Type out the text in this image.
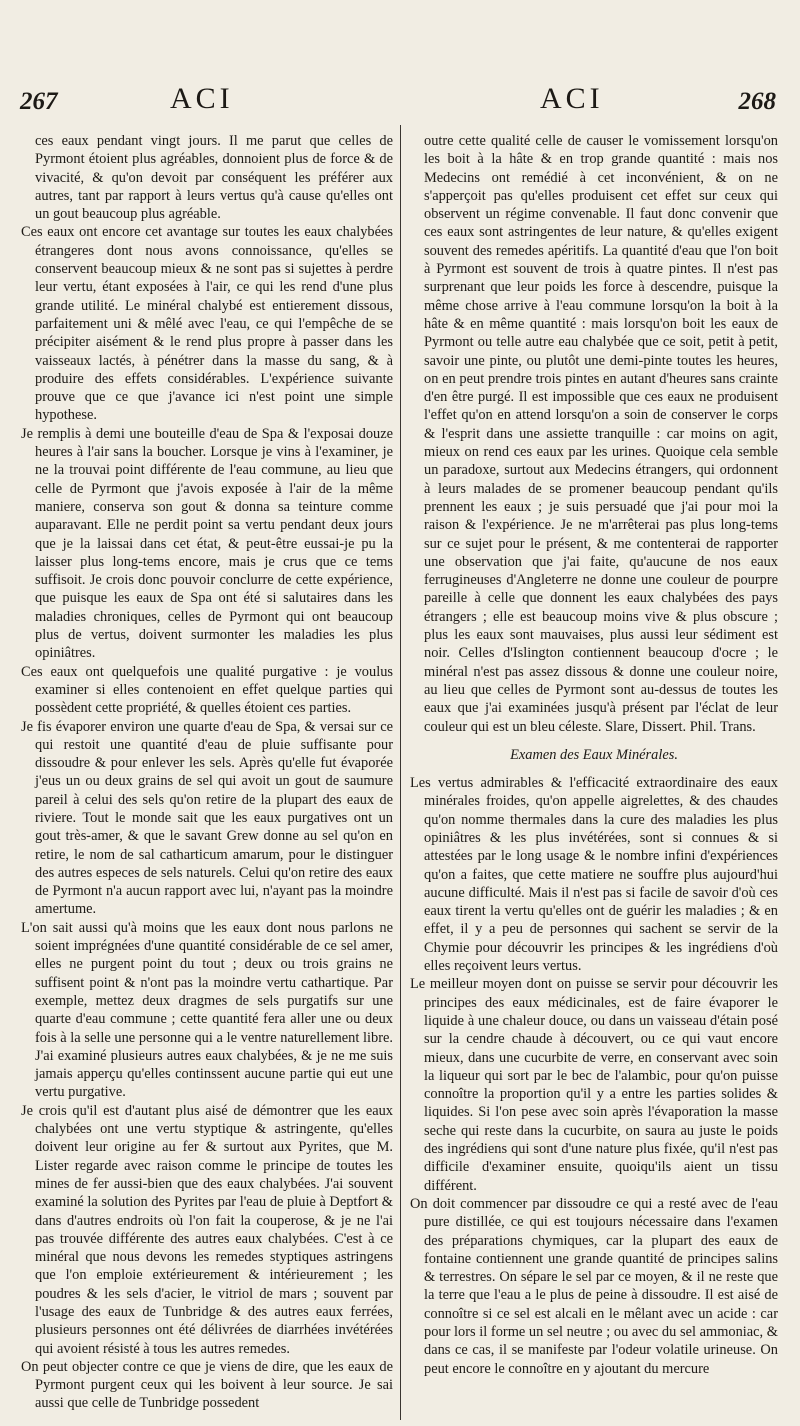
267	ACI	ACI	268

ces eaux pendant vingt jours. Il me parut que celles de Pyrmont étoient plus agréables, donnoient plus de force & de vivacité, & qu'on devoit par conséquent les préférer aux autres, tant par rapport à leurs vertus qu'à cause qu'elles ont un gout beaucoup plus agréable.

Ces eaux ont encore cet avantage sur toutes les eaux chalybées étrangeres dont nous avons connoissance, qu'elles se conservent beaucoup mieux & ne sont pas si sujettes à perdre leur vertu, étant exposées à l'air, ce qui les rend d'une plus grande utilité. Le minéral chalybé est entierement dissous, parfaitement uni & mêlé avec l'eau, ce qui l'empêche de se précipiter aisément & le rend plus propre à passer dans les vaisseaux lactés, à pénétrer dans la masse du sang, & à produire des effets considérables. L'expérience suivante prouve que ce que j'avance ici n'est point une simple hypothese.

Je remplis à demi une bouteille d'eau de Spa & l'exposai douze heures à l'air sans la boucher. Lorsque je vins à l'examiner, je ne la trouvai point différente de l'eau commune, au lieu que celle de Pyrmont que j'avois exposée à l'air de la même maniere, conserva son gout & donna sa teinture comme auparavant. Elle ne perdit point sa vertu pendant deux jours que je la laissai dans cet état, & peut-être eussai-je pu la laisser plus long-tems encore, mais je crus que ce tems suffisoit. Je crois donc pouvoir conclurre de cette expérience, que puisque les eaux de Spa ont été si salutaires dans les maladies chroniques, celles de Pyrmont qui ont beaucoup plus de vertus, doivent surmonter les maladies les plus opiniâtres.

Ces eaux ont quelquefois une qualité purgative : je voulus examiner si elles contenoient en effet quelque parties qui possèdent cette propriété, & quelles étoient ces parties.

Je fis évaporer environ une quarte d'eau de Spa, & versai sur ce qui restoit une quantité d'eau de pluie suffisante pour dissoudre & pour enlever les sels. Après qu'elle fut évaporée j'eus un ou deux grains de sel qui avoit un gout de saumure pareil à celui des sels qu'on retire de la plupart des eaux de riviere. Tout le monde sait que les eaux purgatives ont un gout très-amer, & que le savant Grew donne au sel qu'on en retire, le nom de sal catharticum amarum, pour le distinguer des autres especes de sels naturels. Celui qu'on retire des eaux de Pyrmont n'a aucun rapport avec lui, n'ayant pas la moindre amertume.

L'on sait aussi qu'à moins que les eaux dont nous parlons ne soient imprégnées d'une quantité considérable de ce sel amer, elles ne purgent point du tout ; deux ou trois grains ne suffisent point & n'ont pas la moindre vertu cathartique. Par exemple, mettez deux dragmes de sels purgatifs sur une quarte d'eau commune ; cette quantité fera aller une ou deux fois à la selle une personne qui a le ventre naturellement libre. J'ai examiné plusieurs autres eaux chalybées, & je ne me suis jamais apperçu qu'elles continssent aucune partie qui eut une vertu purgative.

Je crois qu'il est d'autant plus aisé de démontrer que les eaux chalybées ont une vertu styptique & astringente, qu'elles doivent leur origine au fer & surtout aux Pyrites, que M. Lister regarde avec raison comme le principe de toutes les mines de fer aussi-bien que des eaux chalybées. J'ai souvent examiné la solution des Pyrites par l'eau de pluie à Deptfort & dans d'autres endroits où l'on fait la couperose, & je ne l'ai pas trouvée différente des autres eaux chalybées. C'est à ce minéral que nous devons les remedes styptiques astringens que l'on emploie extérieurement & intérieurement ; les poudres & les sels d'acier, le vitriol de mars ; souvent par l'usage des eaux de Tunbridge & des autres eaux ferrées, plusieurs personnes ont été délivrées de diarrhées invétérées qui avoient résisté à tous les autres remedes.

On peut objecter contre ce que je viens de dire, que les eaux de Pyrmont purgent ceux qui les boivent à leur source. Je sai aussi que celle de Tunbridge possedent

outre cette qualité celle de causer le vomissement lorsqu'on les boit à la hâte & en trop grande quantité : mais nos Medecins ont remédié à cet inconvénient, & on ne s'apperçoit pas qu'elles produisent cet effet sur ceux qui observent un régime convenable. Il faut donc convenir que ces eaux sont astringentes de leur nature, & qu'elles exigent souvent des remedes apéritifs. La quantité d'eau que l'on boit à Pyrmont est souvent de trois à quatre pintes. Il n'est pas surprenant que leur poids les force à descendre, puisque la même chose arrive à l'eau commune lorsqu'on la boit à la hâte & en même quantité : mais lorsqu'on boit les eaux de Pyrmont ou telle autre eau chalybée que ce soit, petit à petit, savoir une pinte, ou plutôt une demi-pinte toutes les heures, on en peut prendre trois pintes en autant d'heures sans crainte d'en être purgé. Il est impossible que ces eaux ne produisent l'effet qu'on en attend lorsqu'on a soin de conserver le corps & l'esprit dans une assiette tranquille : car moins on agit, mieux on rend ces eaux par les urines. Quoique cela semble un paradoxe, surtout aux Medecins étrangers, qui ordonnent à leurs malades de se promener beaucoup pendant qu'ils prennent les eaux ; je suis persuadé que j'ai pour moi la raison & l'expérience. Je ne m'arrêterai pas plus long-tems sur ce sujet pour le présent, & me contenterai de rapporter une observation que j'ai faite, qu'aucune de nos eaux ferrugineuses d'Angleterre ne donne une couleur de pourpre pareille à celle que donnent les eaux chalybées des pays étrangers ; elle est beaucoup moins vive & plus obscure ; plus les eaux sont mauvaises, plus aussi leur sédiment est noir. Celles d'Islington contiennent beaucoup d'ocre ; le minéral n'est pas assez dissous & donne une couleur noire, au lieu que celles de Pyrmont sont au-dessus de toutes les eaux que j'ai examinées jusqu'à présent par l'éclat de leur couleur qui est un bleu céleste. Slare, Dissert. Phil. Trans.

Examen des Eaux Minérales.

Les vertus admirables & l'efficacité extraordinaire des eaux minérales froides, qu'on appelle aigrelettes, & des chaudes qu'on nomme thermales dans la cure des maladies les plus opiniâtres & les plus invétérées, sont si connues & si attestées par le long usage & le nombre infini d'expériences qu'on a faites, que cette matiere ne souffre plus aujourd'hui aucune difficulté. Mais il n'est pas si facile de savoir d'où ces eaux tirent la vertu qu'elles ont de guérir les maladies ; & en effet, il y a peu de personnes qui sachent se servir de la Chymie pour découvrir les principes & les ingrédiens d'où elles reçoivent leurs vertus.

Le meilleur moyen dont on puisse se servir pour découvrir les principes des eaux médicinales, est de faire évaporer le liquide à une chaleur douce, ou dans un vaisseau d'étain posé sur la cendre chaude à découvert, ou ce qui vaut encore mieux, dans une cucurbite de verre, en conservant avec soin la liqueur qui sort par le bec de l'alambic, pour qu'on puisse connoître la proportion qu'il y a entre les parties solides & liquides. Si l'on pese avec soin après l'évaporation la masse seche qui reste dans la cucurbite, on saura au juste le poids des ingrédiens qui sont d'une nature plus fixée, qu'il n'est pas difficile d'examiner ensuite, quoiqu'ils aient un tissu différent.

On doit commencer par dissoudre ce qui a resté avec de l'eau pure distillée, ce qui est toujours nécessaire dans l'examen des préparations chymiques, car la plupart des eaux de fontaine contiennent une grande quantité de principes salins & terrestres. On sépare le sel par ce moyen, & il ne reste que la terre que l'eau a le plus de peine à dissoudre. Il est aisé de connoître si ce sel est alcali en le mêlant avec un acide : car pour lors il forme un sel neutre ; ou avec du sel ammoniac, & dans ce cas, il se manifeste par l'odeur volatile urineuse. On peut encore le connoître en y ajoutant du mercure
